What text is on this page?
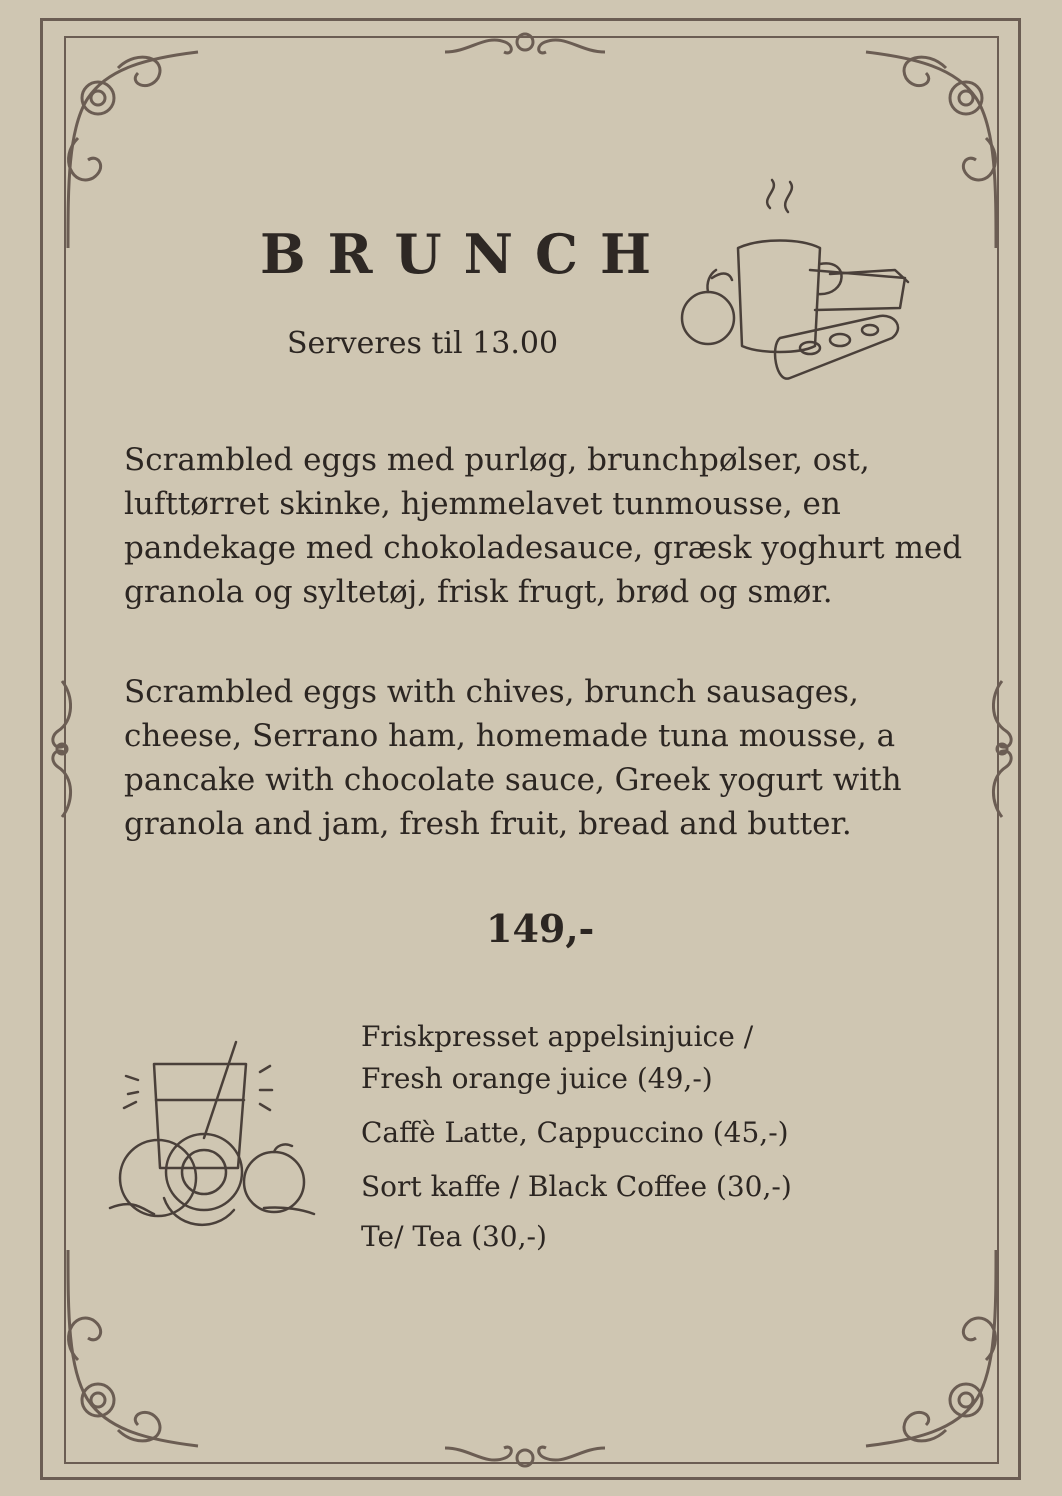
BRUNCH
Serveres til 13.00

Scrambled eggs med purløg, brunchpølser, ost, lufttørret skinke, hjemmelavet tunmousse, en pandekage med chokoladesauce, græsk yoghurt med granola og syltetøj, frisk frugt, brød og smør.

Scrambled eggs with chives, brunch sausages, cheese, Serrano ham, homemade tuna mousse, a pancake with chocolate sauce, Greek yogurt with granola and jam, fresh fruit, bread and butter.

149,-
Friskpresset appelsinjuice / Fresh orange juice (49,-)
Caffè Latte, Cappuccino (45,-)
Sort kaffe / Black Coffee (30,-)
Te/ Tea (30,-)
